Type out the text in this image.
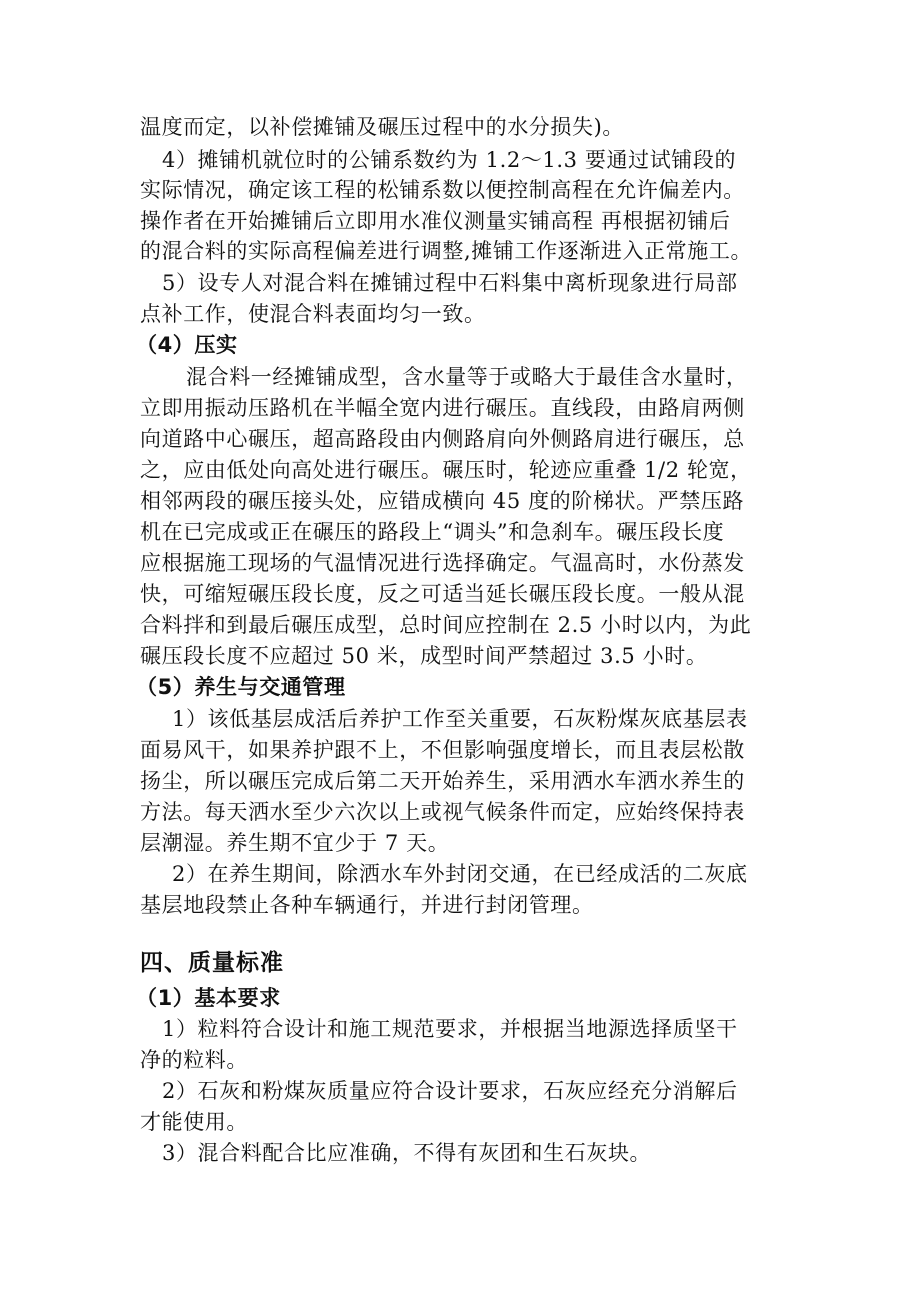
温度而定，以补偿摊铺及碾压过程中的水分损失)。
4）摊铺机就位时的公铺系数约为 1.2～1.3 要通过试铺段的
实际情况，确定该工程的松铺系数以便控制高程在允许偏差内。
操作者在开始摊铺后立即用水准仪测量实铺高程 再根据初铺后
的混合料的实际高程偏差进行调整,摊铺工作逐渐进入正常施工。
5）设专人对混合料在摊铺过程中石料集中离析现象进行局部
点补工作，使混合料表面均匀一致。
（4）压实
混合料一经摊铺成型，含水量等于或略大于最佳含水量时，
立即用振动压路机在半幅全宽内进行碾压。直线段，由路肩两侧
向道路中心碾压，超高路段由内侧路肩向外侧路肩进行碾压，总
之，应由低处向高处进行碾压。碾压时，轮迹应重叠 1/2 轮宽，
相邻两段的碾压接头处，应错成横向 45 度的阶梯状。严禁压路
机在已完成或正在碾压的路段上“调头”和急刹车。碾压段长度
应根据施工现场的气温情况进行选择确定。气温高时，水份蒸发
快，可缩短碾压段长度，反之可适当延长碾压段长度。一般从混
合料拌和到最后碾压成型，总时间应控制在 2.5 小时以内，为此
碾压段长度不应超过 50 米，成型时间严禁超过 3.5 小时。
（5）养生与交通管理
1）该低基层成活后养护工作至关重要，石灰粉煤灰底基层表
面易风干，如果养护跟不上，不但影响强度增长，而且表层松散
扬尘，所以碾压完成后第二天开始养生，采用洒水车洒水养生的
方法。每天洒水至少六次以上或视气候条件而定，应始终保持表
层潮湿。养生期不宜少于 7 天。
2）在养生期间，除洒水车外封闭交通，在已经成活的二灰底
基层地段禁止各种车辆通行，并进行封闭管理。
四、质量标准
（1）基本要求
1）粒料符合设计和施工规范要求，并根据当地源选择质坚干
净的粒料。
2）石灰和粉煤灰质量应符合设计要求，石灰应经充分消解后
才能使用。
3）混合料配合比应准确，不得有灰团和生石灰块。
